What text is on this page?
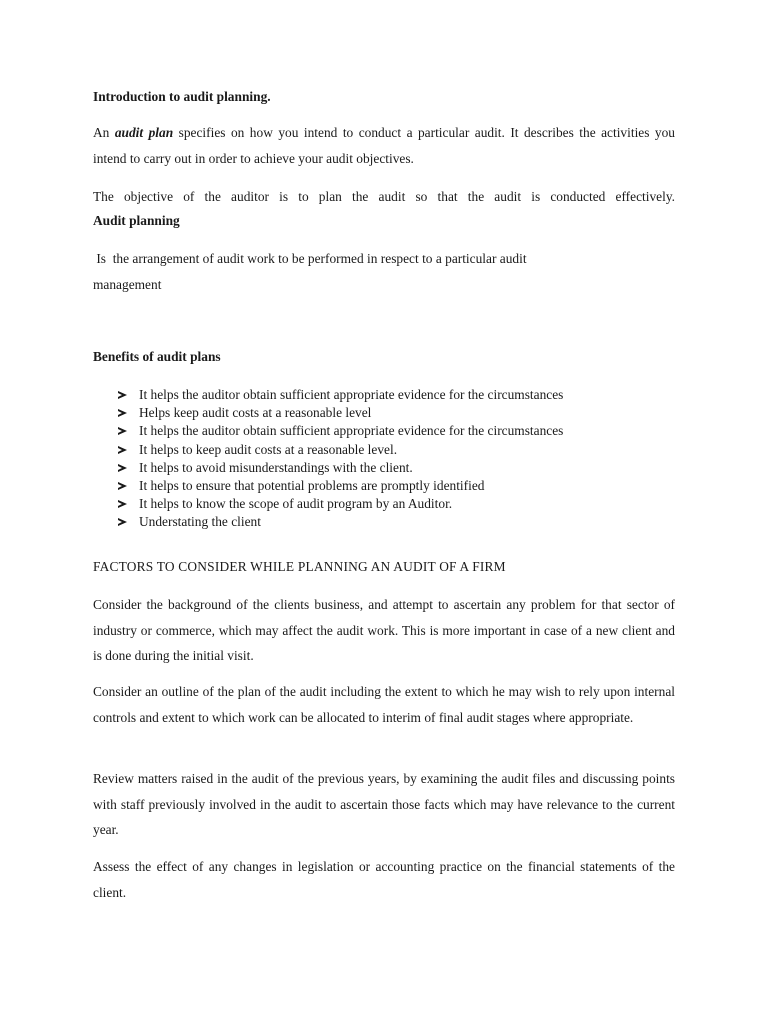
Introduction to audit planning.

An audit plan specifies on how you intend to conduct a particular audit. It describes the activities you intend to carry out in order to achieve your audit objectives.

The objective of the auditor is to plan the audit so that the audit is conducted effectively.

Audit planning

Is  the arrangement of audit work to be performed in respect to a particular audit
management

Benefits of audit plans

It helps the auditor obtain sufficient appropriate evidence for the circumstances
Helps keep audit costs at a reasonable level
It helps the auditor obtain sufficient appropriate evidence for the circumstances
It helps to keep audit costs at a reasonable level.
It helps to avoid misunderstandings with the client.
It helps to ensure that potential problems are promptly identified
It helps to know the scope of audit program by an Auditor.
Understating the client

FACTORS TO CONSIDER WHILE PLANNING AN AUDIT OF A FIRM

Consider the background of the clients business, and attempt to ascertain any problem for that sector of industry or commerce, which may affect the audit work. This is more important in case of a new client and is done during the initial visit.

Consider an outline of the plan of the audit including the extent to which he may wish to rely upon internal controls and extent to which work can be allocated to interim of final audit stages where appropriate.

Review matters raised in the audit of the previous years, by examining the audit files and discussing points with staff previously involved in the audit to ascertain those facts which may have relevance to the current year.

Assess the effect of any changes in legislation or accounting practice on the financial statements of the client.
